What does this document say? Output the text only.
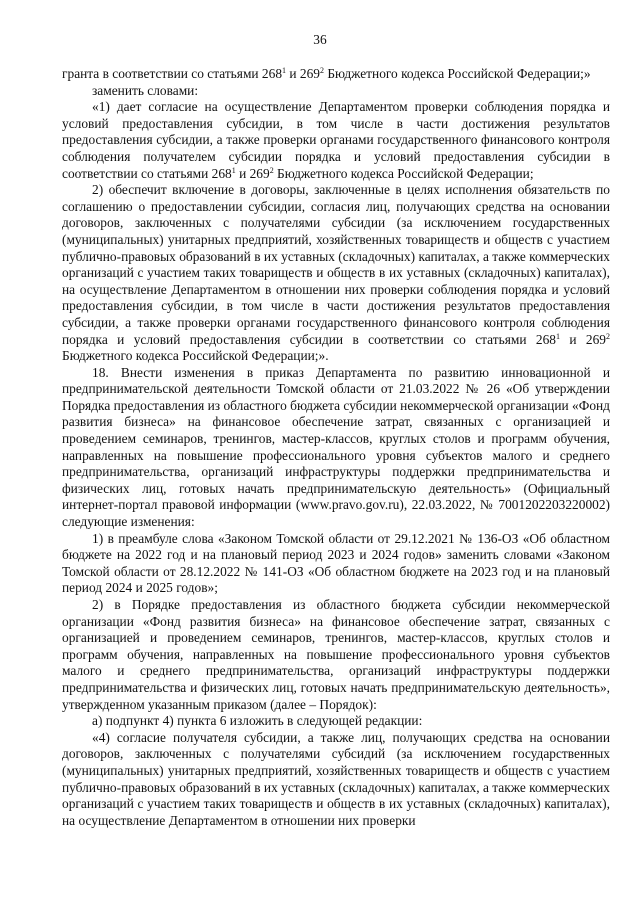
36

гранта в соответствии со статьями $268^1$ и $269^2$ Бюджетного кодекса Российской Федерации;»

заменить словами:

«1) дает согласие на осуществление Департаментом проверки соблюдения порядка и условий предоставления субсидии, в том числе в части достижения результатов предоставления субсидии, а также проверки органами государственного финансового контроля соблюдения получателем субсидии порядка и условий предоставления субсидии в соответствии со статьями $268^1$ и $269^2$ Бюджетного кодекса Российской Федерации;

2) обеспечит включение в договоры, заключенные в целях исполнения обязательств по соглашению о предоставлении субсидии, согласия лиц, получающих средства на основании договоров, заключенных с получателями субсидии (за исключением государственных (муниципальных) унитарных предприятий, хозяйственных товариществ и обществ с участием публично-правовых образований в их уставных (складочных) капиталах, а также коммерческих организаций с участием таких товариществ и обществ в их уставных (складочных) капиталах), на осуществление Департаментом в отношении них проверки соблюдения порядка и условий предоставления субсидии, в том числе в части достижения результатов предоставления субсидии, а также проверки органами государственного финансового контроля соблюдения порядка и условий предоставления субсидии в соответствии со статьями $268^1$ и $269^2$ Бюджетного кодекса Российской Федерации;».

18. Внести изменения в приказ Департамента по развитию инновационной и предпринимательской деятельности Томской области от 21.03.2022 № 26 «Об утверждении Порядка предоставления из областного бюджета субсидии некоммерческой организации «Фонд развития бизнеса» на финансовое обеспечение затрат, связанных с организацией и проведением семинаров, тренингов, мастер-классов, круглых столов и программ обучения, направленных на повышение профессионального уровня субъектов малого и среднего предпринимательства, организаций инфраструктуры поддержки предпринимательства и физических лиц, готовых начать предпринимательскую деятельность» (Официальный интернет-портал правовой информации (www.pravo.gov.ru), 22.03.2022, № 7001202203220002) следующие изменения:

1) в преамбуле слова «Законом Томской области от 29.12.2021 № 136-ОЗ «Об областном бюджете на 2022 год и на плановый период 2023 и 2024 годов» заменить словами «Законом Томской области от 28.12.2022 № 141-ОЗ «Об областном бюджете на 2023 год и на плановый период 2024 и 2025 годов»;

2) в Порядке предоставления из областного бюджета субсидии некоммерческой организации «Фонд развития бизнеса» на финансовое обеспечение затрат, связанных с организацией и проведением семинаров, тренингов, мастер-классов, круглых столов и программ обучения, направленных на повышение профессионального уровня субъектов малого и среднего предпринимательства, организаций инфраструктуры поддержки предпринимательства и физических лиц, готовых начать предпринимательскую деятельность», утвержденном указанным приказом (далее – Порядок):

а) подпункт 4) пункта 6 изложить в следующей редакции:

«4) согласие получателя субсидии, а также лиц, получающих средства на основании договоров, заключенных с получателями субсидий (за исключением государственных (муниципальных) унитарных предприятий, хозяйственных товариществ и обществ с участием публично-правовых образований в их уставных (складочных) капиталах, а также коммерческих организаций с участием таких товариществ и обществ в их уставных (складочных) капиталах), на осуществление Департаментом в отношении них проверки
